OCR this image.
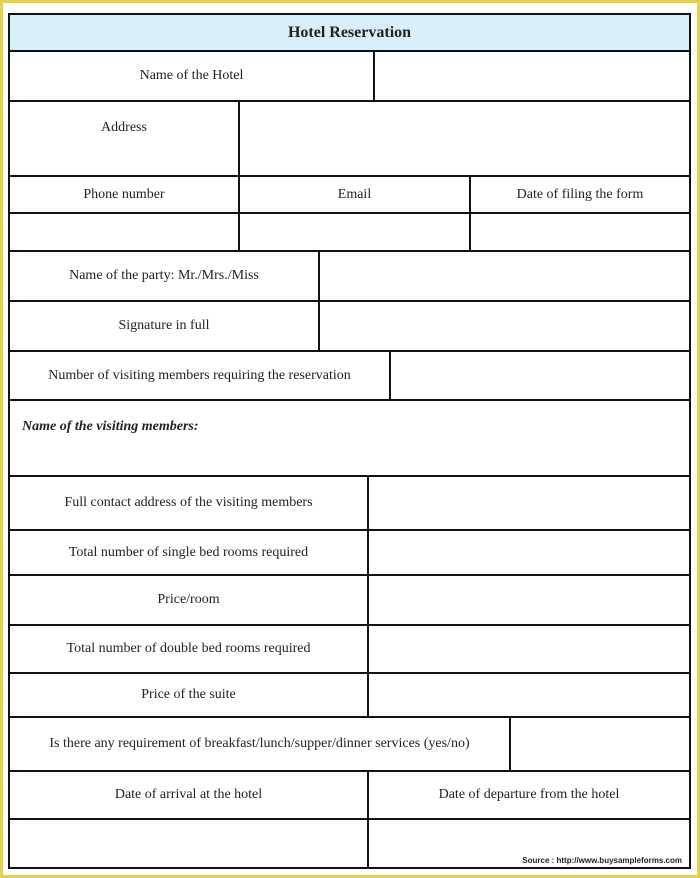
Hotel Reservation
Name of the Hotel
Address
Phone number	Email	Date of filing the form
Name of the party: Mr./Mrs./Miss
Signature in full
Number of visiting members requiring the reservation
Name of the visiting members:
Full contact address of the visiting members
Total number of single bed rooms required
Price/room
Total number of double bed rooms required
Price of the suite
Is there any requirement of breakfast/lunch/supper/dinner services (yes/no)
Date of arrival at the hotel	Date of departure from the hotel
Source : http://www.buysampleforms.com
